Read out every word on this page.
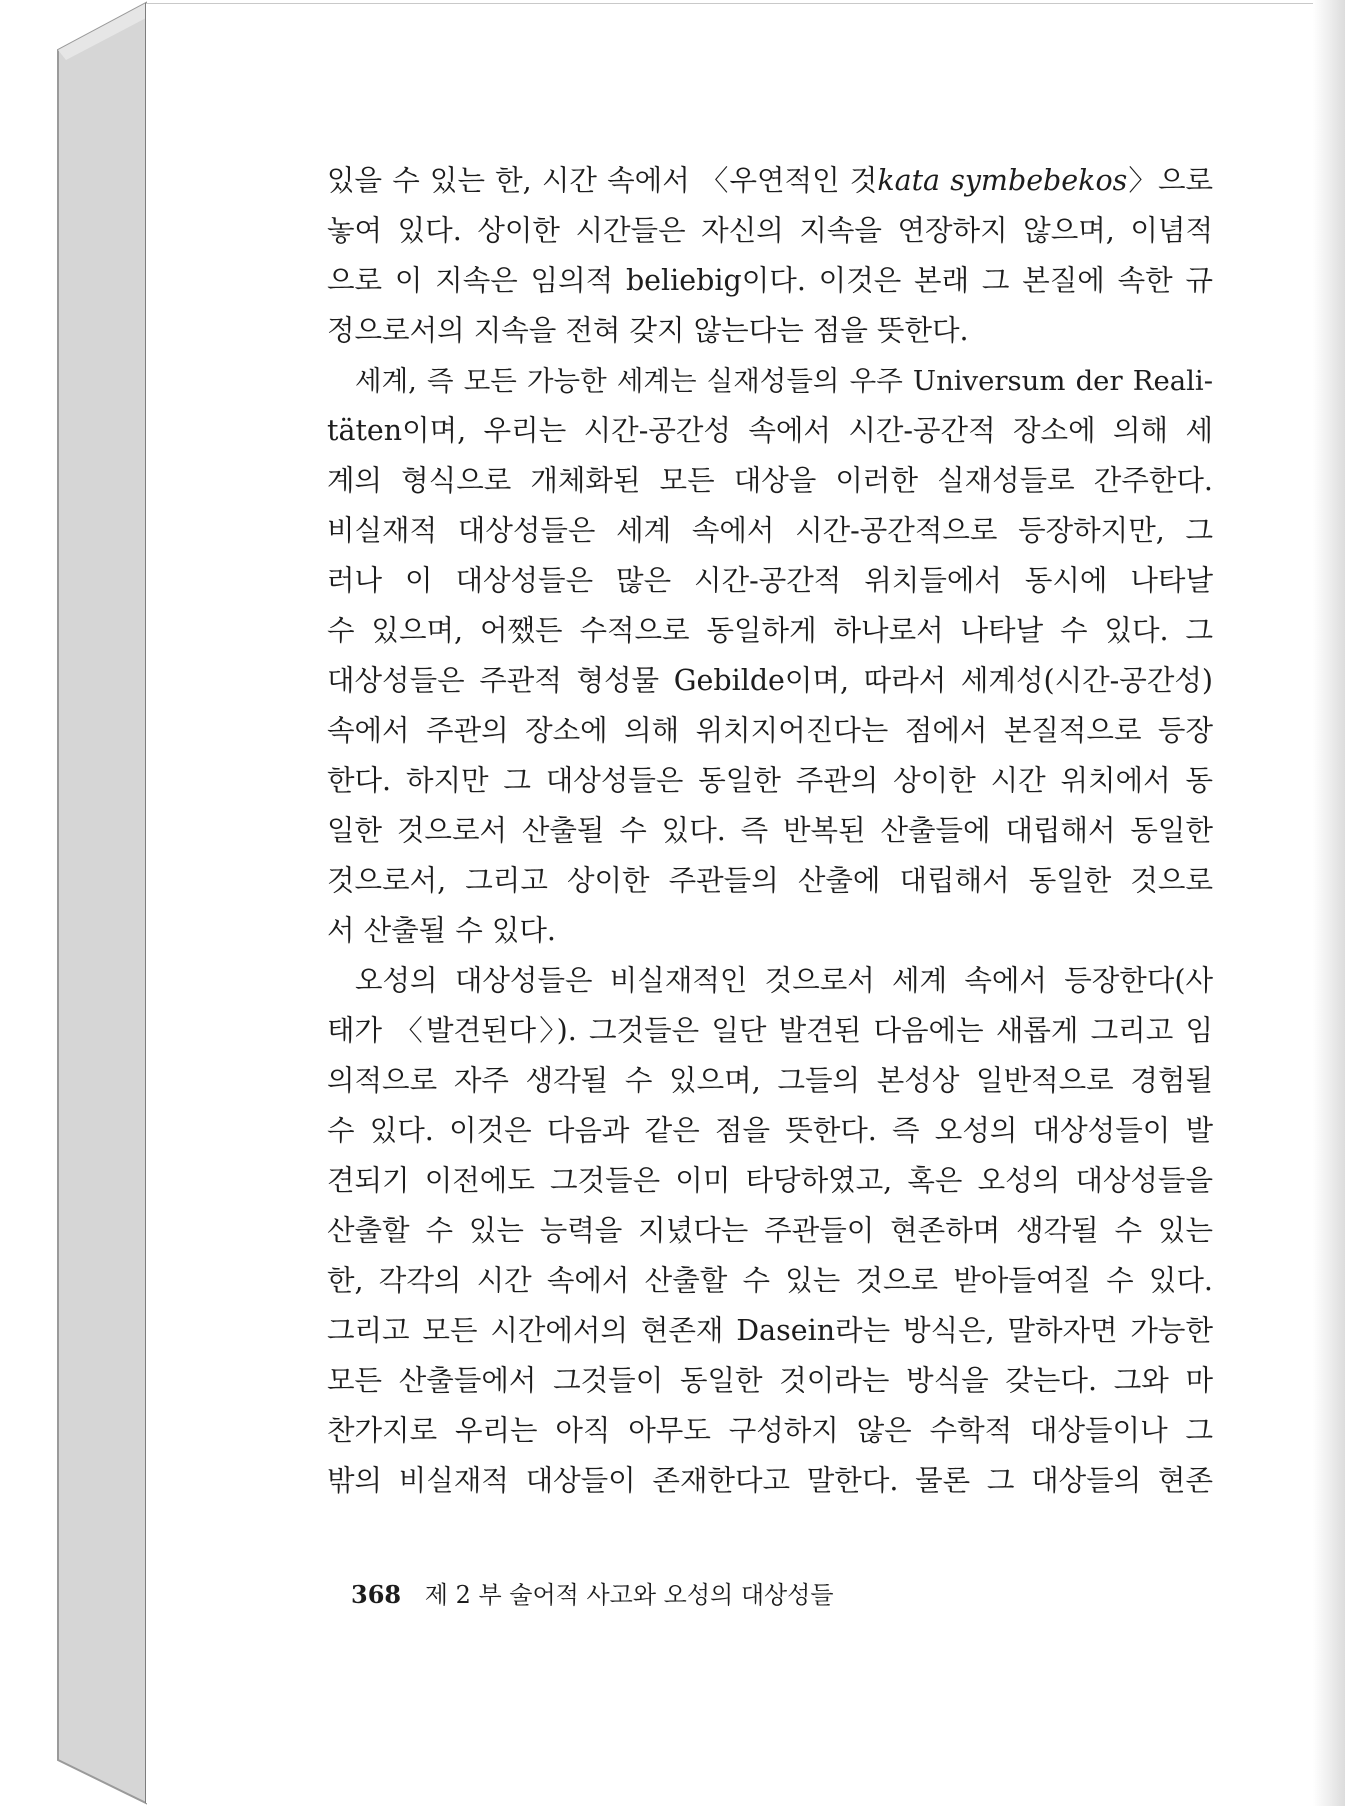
있을 수 있는 한, 시간 속에서 〈우연적인 것kata symbebekos〉으로
놓여 있다. 상이한 시간들은 자신의 지속을 연장하지 않으며, 이념적
으로 이 지속은 임의적 beliebig이다. 이것은 본래 그 본질에 속한 규
정으로서의 지속을 전혀 갖지 않는다는 점을 뜻한다.
세계, 즉 모든 가능한 세계는 실재성들의 우주 Universum der Reali-
täten이며, 우리는 시간-공간성 속에서 시간-공간적 장소에 의해 세
계의 형식으로 개체화된 모든 대상을 이러한 실재성들로 간주한다.
비실재적 대상성들은 세계 속에서 시간-공간적으로 등장하지만, 그
러나 이 대상성들은 많은 시간-공간적 위치들에서 동시에 나타날
수 있으며, 어쨌든 수적으로 동일하게 하나로서 나타날 수 있다. 그
대상성들은 주관적 형성물 Gebilde이며, 따라서 세계성(시간-공간성)
속에서 주관의 장소에 의해 위치지어진다는 점에서 본질적으로 등장
한다. 하지만 그 대상성들은 동일한 주관의 상이한 시간 위치에서 동
일한 것으로서 산출될 수 있다. 즉 반복된 산출들에 대립해서 동일한
것으로서, 그리고 상이한 주관들의 산출에 대립해서 동일한 것으로
서 산출될 수 있다.
오성의 대상성들은 비실재적인 것으로서 세계 속에서 등장한다(사
태가 〈발견된다〉). 그것들은 일단 발견된 다음에는 새롭게 그리고 임
의적으로 자주 생각될 수 있으며, 그들의 본성상 일반적으로 경험될
수 있다. 이것은 다음과 같은 점을 뜻한다. 즉 오성의 대상성들이 발
견되기 이전에도 그것들은 이미 타당하였고, 혹은 오성의 대상성들을
산출할 수 있는 능력을 지녔다는 주관들이 현존하며 생각될 수 있는
한, 각각의 시간 속에서 산출할 수 있는 것으로 받아들여질 수 있다.
그리고 모든 시간에서의 현존재 Dasein라는 방식은, 말하자면 가능한
모든 산출들에서 그것들이 동일한 것이라는 방식을 갖는다. 그와 마
찬가지로 우리는 아직 아무도 구성하지 않은 수학적 대상들이나 그
밖의 비실재적 대상들이 존재한다고 말한다. 물론 그 대상들의 현존
368 제 2 부 술어적 사고와 오성의 대상성들
